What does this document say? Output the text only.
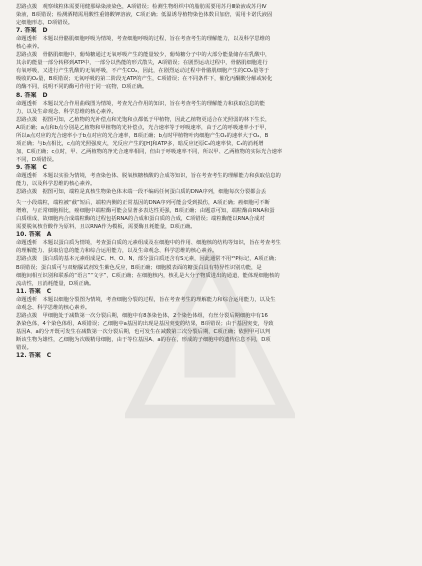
思路点拨　观察线粒体需要用健那绿染液染色，A项错误；检测生物组织中的脂肪需要用苏丹Ⅲ染液或苏丹Ⅳ
染液，B项错误；检测酒精需用酸性重铬酸钾溶液，C项正确；低温诱导植物染色体数目加倍，需用卡诺氏液固
定细胞形态，D项错误。
7. 答案　D
命题透析　本题以骨骼肌细胞呼吸为情境，考查细胞呼吸的过程，旨在考查考生的理解能力，以及科学思维的
核心素养。
思路点拨　骨骼肌细胞中，葡萄糖通过无氧呼吸产生的能量较少，葡萄糖分子中的大部分能量储存在乳酸中，
其余的能量一部分转移到ATP中，一部分以热能的形式散失，A项错误；在剧烈运动过程中，骨骼肌细胞进行
有氧呼吸，又进行产生乳酸的无氧呼吸，不产生CO₂，因此，在剧烈运动过程中骨骼肌细胞产生的CO₂量等于
吸收的O₂量，B项错误；无氧呼吸的第二阶段无ATP的产生，C项错误；在不同条件下，催化丙酮酸分解或转化
的酶不同，说明不同的酶可作用于同一底物，D项正确。
8. 答案　D
命题透析　本题以光合作用曲线图为情境，考查光合作用的知识，旨在考查考生的理解能力和获取信息的能
力，以及生命观念、科学思维的核心素养。
思路点拨　据图可知，乙植物的光补偿点和光饱和点都低于甲植物，因此乙植物更适合在光照弱的林下生长，
A项正确；a点和b点分别是乙植物和甲植物的光补偿点，光合速率等于呼吸速率，由于乙的呼吸速率小于甲，
所以a点对应的光合速率小于b点对应的光合速率，B项正确；b点时甲植物叶肉细胞产生O₂的速率大于O₂，B
项正确；与b点相比，c点的光照强度大，光反应产生的[H]和ATP多，暗反应还原C₃的速率快，C₃的消耗增
加，C项正确；c点时，甲、乙两植物的净光合速率相同，但由于呼吸速率不同，所以甲、乙两植物的实际光合速率
不同，D项错误。
9. 答案　C
命题透析　本题以实验为情境，考查染色体、脱氧核糖核酸的合成等知识，旨在考查考生的理解能力和获取信息的
能力，以及科学思维的核心素养。
思路点拨　据图可知，端粒是真核生物染色体末端一段不编码任何蛋白质的DNA序列，细胞每次分裂都会丢
失一小段端粒，端粒被“截”短后，端粒内侧的正常基因的DNA序列可能会受到损伤，A项正确；癌细胞可不断
增殖，与正常细胞相比，癌细胞中端粒酶可能会显著多表达性更强，B项正确；由题意可知，端粒酶由RNA和蛋
白质组成，故细胞内合成端粒酶的过程包括RNA的合成和蛋白质的合成，C项错误；端粒酶能以RNA合成对
需要脱氧核苷酸作为原料，且以RNA作为模板，需要酶且耗能量，D项正确。
10. 答案　A
命题透析　本题以蛋白质为情境，考查蛋白质的元素组成及在细胞中的作用、细胞核的结构等知识，旨在考查考生
的理解能力、获取信息的能力和综合运用能力，以及生命观念、科学思维的核心素养。
思路点拨　蛋白质的基本元素组成是C、H、O、N，部分蛋白质还含有S元素，因此通常不用¹⁵P标记，A项正确；
B项错误；蛋白质可与双缩脲试剂发生紫色反应，B项正确；细胞膜表面的糖蛋白具有特异性识别功能，是
细胞间相互识别和联系的“语言”“文字”，C项正确；在细胞核内，核孔是大分子物质进出的通道，能体现细胞核的
流动性，且消耗能量，D项正确。
11. 答案　C
命题透析　本题以细胞分裂图为情境，考查细胞分裂的过程，旨在考查考生的理解能力和综合运用能力，以及生
命观念、科学思维的核心素养。
思路点拨　甲细胞处于减数第一次分裂后期，细胞中有8条染色体，2个染色体组，有丝分裂后期细胞中有16
条染色体，4个染色体组，A项错误；乙细胞中a基因的出现是基因突变的结果，B项错误；由于基因突变，导致
基因A、a的分开既可发生在减数第一次分裂后期，也可发生在减数第二次分裂后期，C项正确；依照甲可以判
断该生物为雄性，乙细胞为次级精母细胞，由于等位基因A、a的存在，形成的子细胞中的遗传信息不同，D项
错误。
12. 答案　C
